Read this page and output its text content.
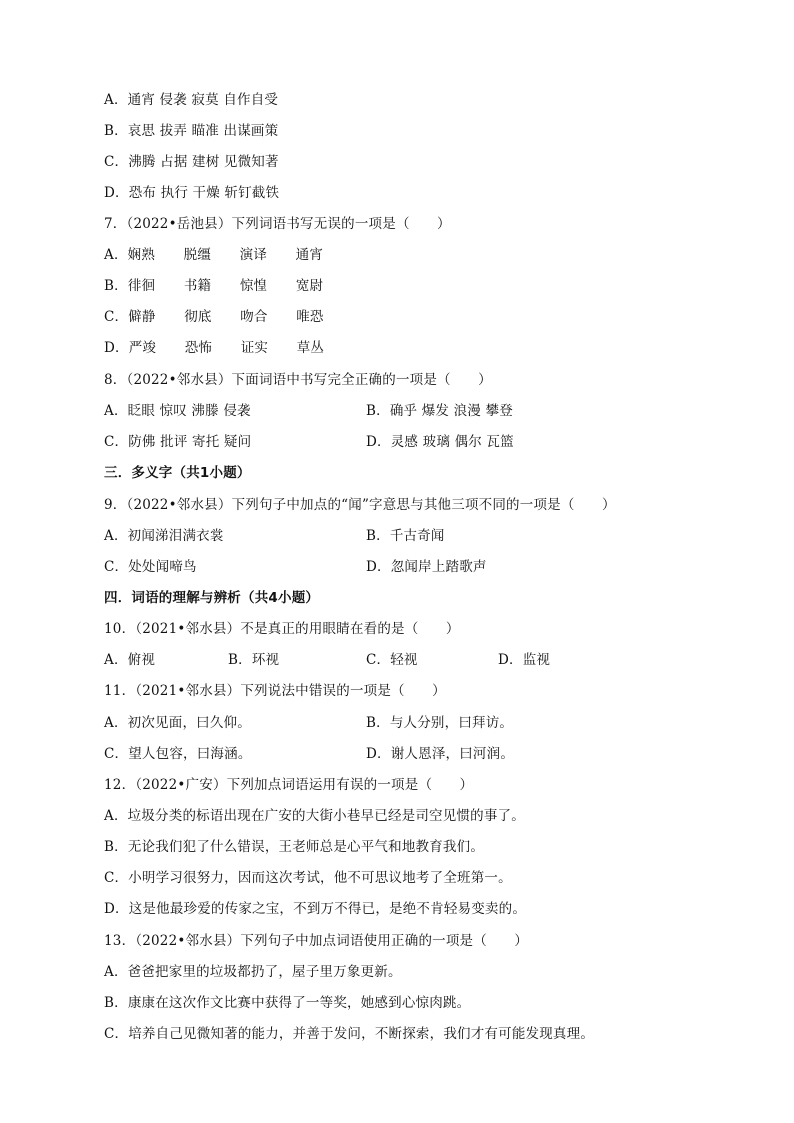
A．通宵 侵袭 寂莫 自作自受
B．哀思 拔弄 瞄准 出谋画策
C．沸腾 占据 建树 见微知著
D．恐布 执行 干燥 斩钉截铁
7．（2022•岳池县）下列词语书写无误的一项是（　　）
A．娴熟 脱缰 演译 通宵
B．徘徊 书籍 惊惶 宽尉
C．僻静 彻底 吻合 唯恐
D．严竣 恐怖 证实 草丛
8．（2022•邻水县）下面词语中书写完全正确的一项是（　　）
A．眨眼 惊叹 沸滕 侵袭	B．确乎 爆发 浪漫 攀登
C．防佛 批评 寄托 疑问	D．灵感 玻璃 偶尔 瓦篮
三．多义字（共1小题）
9．（2022•邻水县）下列句子中加点的“闻”字意思与其他三项不同的一项是（　　）
A．初闻涕泪满衣裳	B．千古奇闻
C．处处闻啼鸟	D．忽闻岸上踏歌声
四．词语的理解与辨析（共4小题）
10．（2021•邻水县）不是真正的用眼睛在看的是（　　）
A．俯视	B．环视	C．轻视	D．监视
11．（2021•邻水县）下列说法中错误的一项是（　　）
A．初次见面，曰久仰。	B．与人分别，曰拜访。
C．望人包容，曰海涵。	D．谢人恩泽，曰河润。
12．（2022•广安）下列加点词语运用有误的一项是（　　）
A．垃圾分类的标语出现在广安的大街小巷早已经是司空见惯的事了。
B．无论我们犯了什么错误，王老师总是心平气和地教育我们。
C．小明学习很努力，因而这次考试，他不可思议地考了全班第一。
D．这是他最珍爱的传家之宝，不到万不得已，是绝不肯轻易变卖的。
13．（2022•邻水县）下列句子中加点词语使用正确的一项是（　　）
A．爸爸把家里的垃圾都扔了，屋子里万象更新。
B．康康在这次作文比赛中获得了一等奖，她感到心惊肉跳。
C．培养自己见微知著的能力，并善于发问，不断探索，我们才有可能发现真理。
